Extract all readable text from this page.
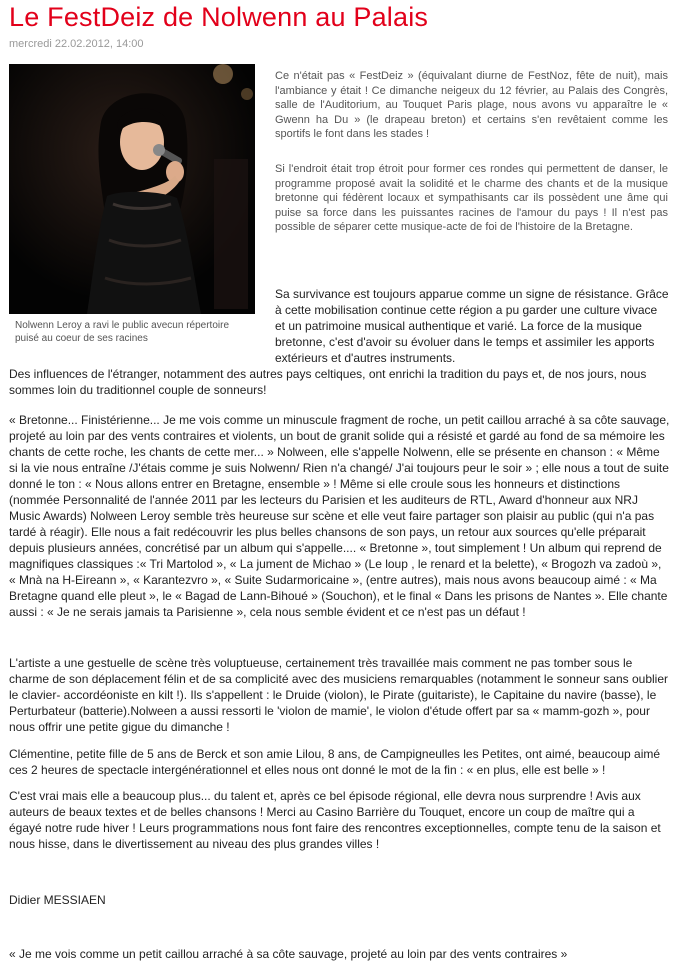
Le FestDeiz de Nolwenn au Palais
mercredi 22.02.2012, 14:00
Nolwenn Leroy a ravi le public avecun répertoire puisé au coeur de ses racines

Ce n'était pas « FestDeiz » (équivalant diurne de FestNoz, fête de nuit), mais l'ambiance y était ! Ce dimanche neigeux du 12 février, au Palais des Congrès, salle de l'Auditorium, au Touquet Paris plage, nous avons vu apparaître le « Gwenn ha Du » (le drapeau breton) et certains s'en revêtaient comme les sportifs le font dans les stades !

Si l'endroit était trop étroit pour former ces rondes qui permettent de danser, le programme proposé avait la solidité et le charme des chants et de la musique bretonne qui fédèrent locaux et sympathisants car ils possèdent une âme qui puise sa force dans les puissantes racines de l'amour du pays ! Il n'est pas possible de séparer cette musique-acte de foi de l'histoire de la Bretagne.

Sa survivance est toujours apparue comme un signe de résistance. Grâce à cette mobilisation continue cette région a pu garder une culture vivace et un patrimoine musical authentique et varié. La force de la musique bretonne, c'est d'avoir su évoluer dans le temps et assimiler les apports extérieurs et d'autres instruments.
Des influences de l'étranger, notamment des autres pays celtiques, ont enrichi la tradition du pays et, de nos jours, nous sommes loin du traditionnel couple de sonneurs!

« Bretonne... Finistérienne... Je me vois comme un minuscule fragment de roche, un petit caillou arraché à sa côte sauvage, projeté au loin par des vents contraires et violents, un bout de granit solide qui a résisté et gardé au fond de sa mémoire les chants de cette roche, les chants de cette mer... » Nolween, elle s'appelle Nolwenn, elle se présente en chanson : « Même si la vie nous entraîne /J'étais comme je suis Nolwenn/ Rien n'a changé/ J'ai toujours peur le soir » ; elle nous a tout de suite donné le ton : « Nous allons entrer en Bretagne, ensemble » ! Même si elle croule sous les honneurs et distinctions (nommée Personnalité de l'année 2011 par les lecteurs du Parisien et les auditeurs de RTL, Award d'honneur aux NRJ Music Awards) Nolween Leroy semble très heureuse sur scène et elle veut faire partager son plaisir au public (qui n'a pas tardé à réagir). Elle nous a fait redécouvrir les plus belles chansons de son pays, un retour aux sources qu'elle préparait depuis plusieurs années, concrétisé par un album qui s'appelle.... « Bretonne », tout simplement ! Un album qui reprend de magnifiques classiques :« Tri Martolod », « La jument de Michao » (Le loup , le renard et la belette), « Brogozh va zadoù », « Mnà na H-Eireann », « Karantezvro », « Suite Sudarmoricaine », (entre autres), mais nous avons beaucoup aimé : « Ma Bretagne quand elle pleut », le « Bagad de Lann-Bihoué » (Souchon), et le final « Dans les prisons de Nantes ». Elle chante aussi : « Je ne serais jamais ta Parisienne », cela nous semble évident et ce n'est pas un défaut !

L'artiste a une gestuelle de scène très voluptueuse, certainement très travaillée mais comment ne pas tomber sous le charme de son déplacement félin et de sa complicité avec des musiciens remarquables (notamment le sonneur sans oublier le clavier- accordéoniste en kilt !). Ils s'appellent : le Druide (violon), le Pirate (guitariste), le Capitaine du navire (basse), le Perturbateur (batterie).Nolween a aussi ressorti le 'violon de mamie', le violon d'étude offert par sa « mamm-gozh », pour nous offrir une petite gigue du dimanche !

Clémentine, petite fille de 5 ans de Berck et son amie Lilou, 8 ans, de Campigneulles les Petites, ont aimé, beaucoup aimé ces 2 heures de spectacle intergénérationnel et elles nous ont donné le mot de la fin : « en plus, elle est belle » !

C'est vrai mais elle a beaucoup plus... du talent et, après ce bel épisode régional, elle devra nous surprendre ! Avis aux auteurs de beaux textes et de belles chansons ! Merci au Casino Barrière du Touquet, encore un coup de maître qui a égayé notre rude hiver ! Leurs programmations nous font faire des rencontres exceptionnelles, compte tenu de la saison et nous hisse, dans le divertissement au niveau des plus grandes villes !

Didier MESSIAEN

« Je me vois comme un petit caillou arraché à sa côte sauvage, projeté au loin par des vents contraires »
